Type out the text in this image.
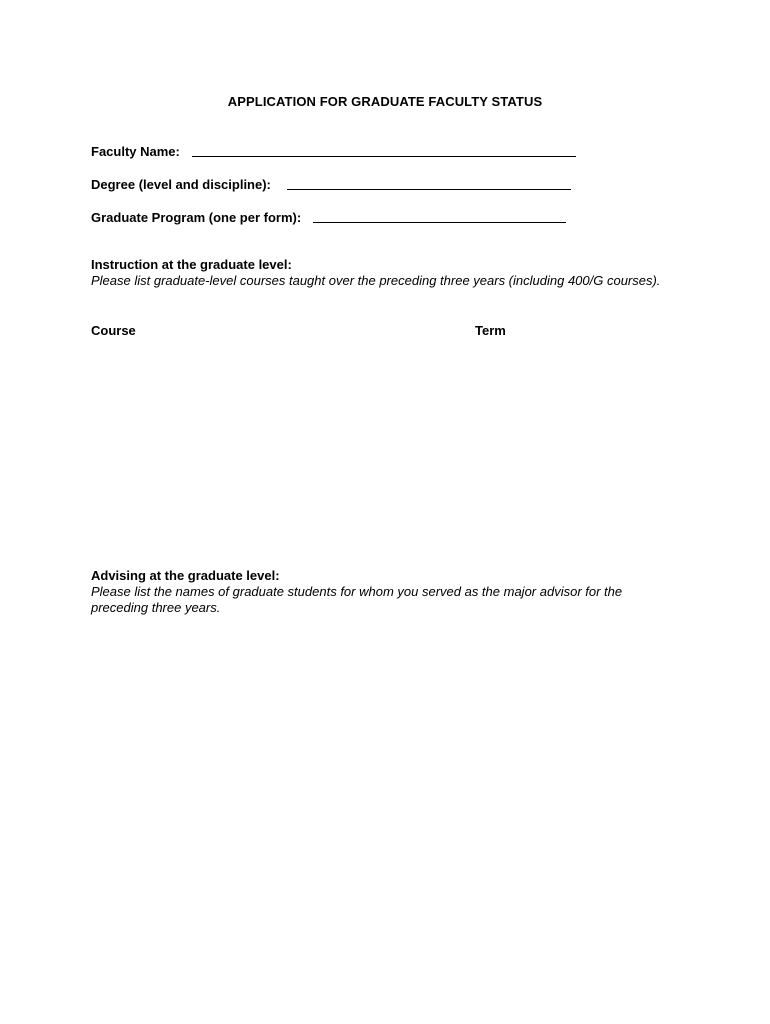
APPLICATION FOR GRADUATE FACULTY STATUS
Faculty Name:
Degree (level and discipline):
Graduate Program (one per form):
Instruction at the graduate level:
Please list graduate-level courses taught over the preceding three years (including 400/G courses).
Course	Term
Advising at the graduate level:
Please list the names of graduate students for whom you served as the major advisor for the preceding three years.
